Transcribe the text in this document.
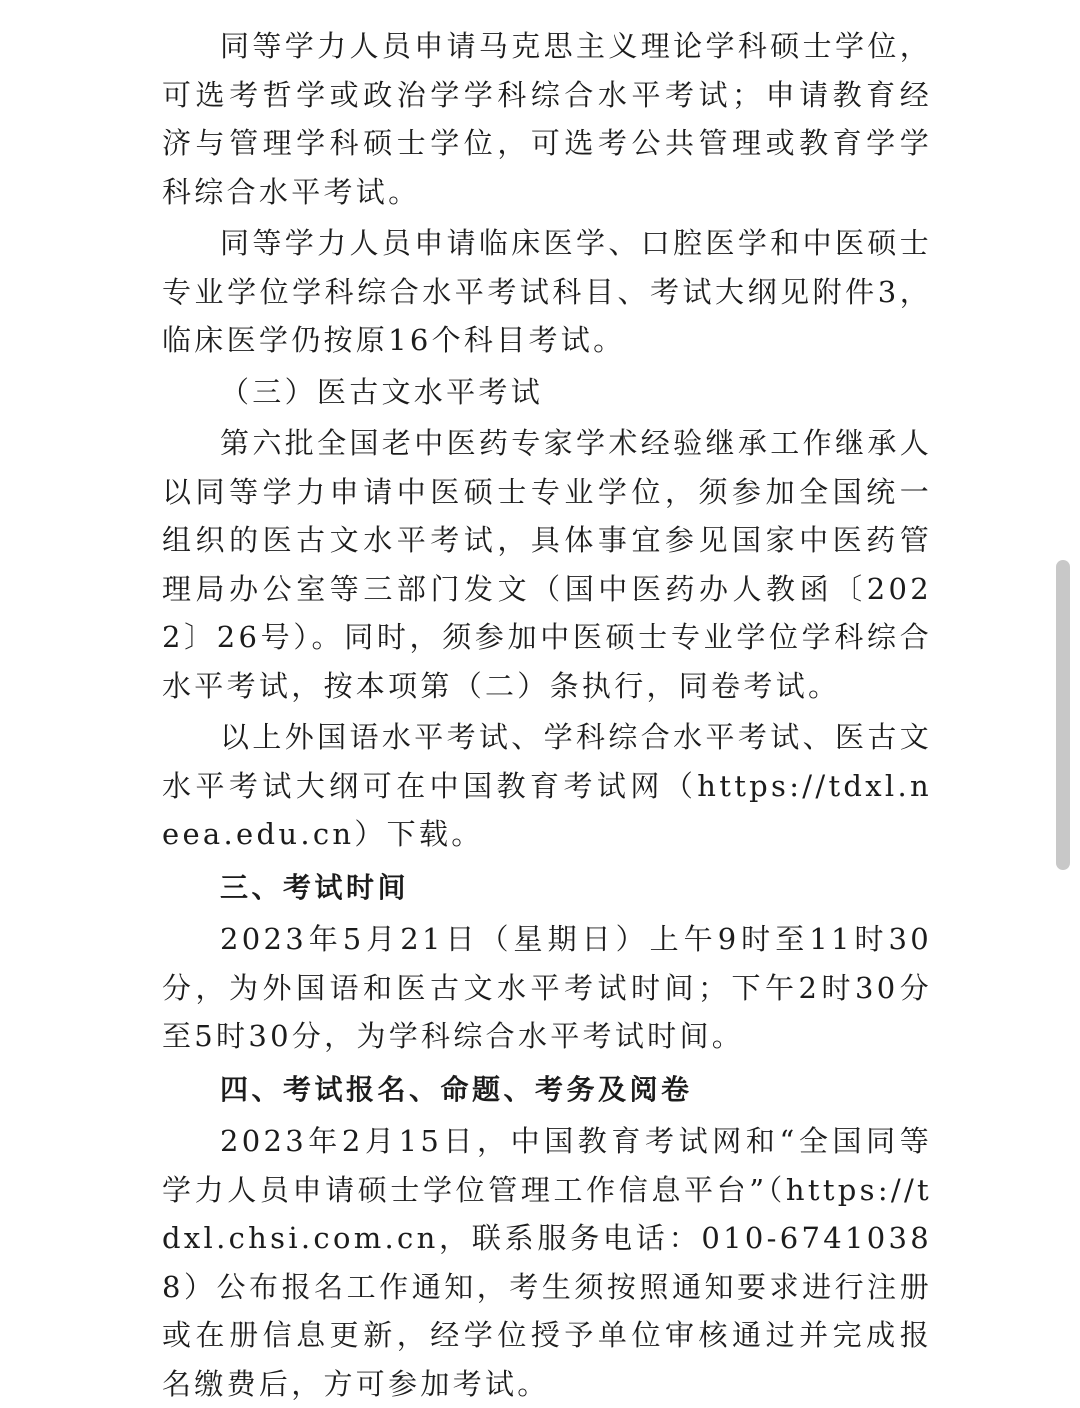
同等学力人员申请马克思主义理论学科硕士学位，可选考哲学或政治学学科综合水平考试；申请教育经济与管理学科硕士学位，可选考公共管理或教育学学科综合水平考试。

同等学力人员申请临床医学、口腔医学和中医硕士专业学位学科综合水平考试科目、考试大纲见附件3，临床医学仍按原16个科目考试。

（三）医古文水平考试

第六批全国老中医药专家学术经验继承工作继承人以同等学力申请中医硕士专业学位，须参加全国统一组织的医古文水平考试，具体事宜参见国家中医药管理局办公室等三部门发文（国中医药办人教函〔2022〕26号）。同时，须参加中医硕士专业学位学科综合水平考试，按本项第（二）条执行，同卷考试。

以上外国语水平考试、学科综合水平考试、医古文水平考试大纲可在中国教育考试网（https://tdxl.neea.edu.cn）下载。

三、考试时间

2023年5月21日（星期日）上午9时至11时30分，为外国语和医古文水平考试时间；下午2时30分至5时30分，为学科综合水平考试时间。

四、考试报名、命题、考务及阅卷

2023年2月15日，中国教育考试网和“全国同等学力人员申请硕士学位管理工作信息平台”（https://tdxl.chsi.com.cn，联系服务电话：010-67410388）公布报名工作通知，考生须按照通知要求进行注册或在册信息更新，经学位授予单位审核通过并完成报名缴费后，方可参加考试。
